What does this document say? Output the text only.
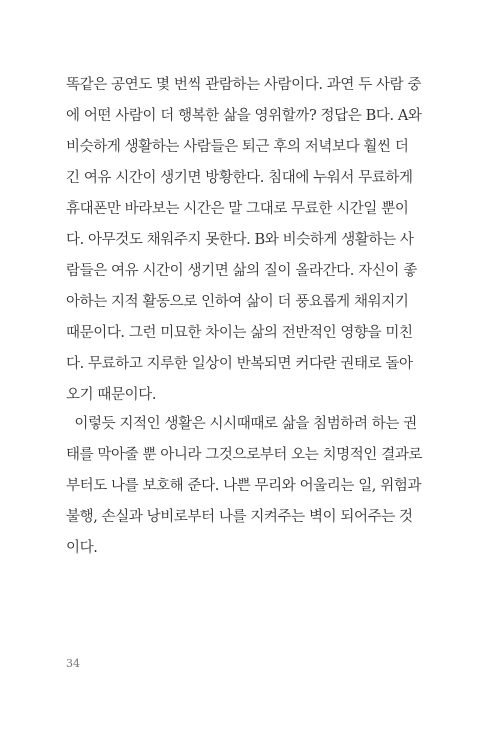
똑같은 공연도 몇 번씩 관람하는 사람이다. 과연 두 사람 중
에 어떤 사람이 더 행복한 삶을 영위할까? 정답은 B다. A와
비슷하게 생활하는 사람들은 퇴근 후의 저녁보다 훨씬 더
긴 여유 시간이 생기면 방황한다. 침대에 누워서 무료하게
휴대폰만 바라보는 시간은 말 그대로 무료한 시간일 뿐이
다. 아무것도 채워주지 못한다. B와 비슷하게 생활하는 사
람들은 여유 시간이 생기면 삶의 질이 올라간다. 자신이 좋
아하는 지적 활동으로 인하여 삶이 더 풍요롭게 채워지기
때문이다. 그런 미묘한 차이는 삶의 전반적인 영향을 미친
다. 무료하고 지루한 일상이 반복되면 커다란 권태로 돌아
오기 때문이다.
이렇듯 지적인 생활은 시시때때로 삶을 침범하려 하는 권
태를 막아줄 뿐 아니라 그것으로부터 오는 치명적인 결과로
부터도 나를 보호해 준다. 나쁜 무리와 어울리는 일, 위험과
불행, 손실과 낭비로부터 나를 지켜주는 벽이 되어주는 것
이다.
34
